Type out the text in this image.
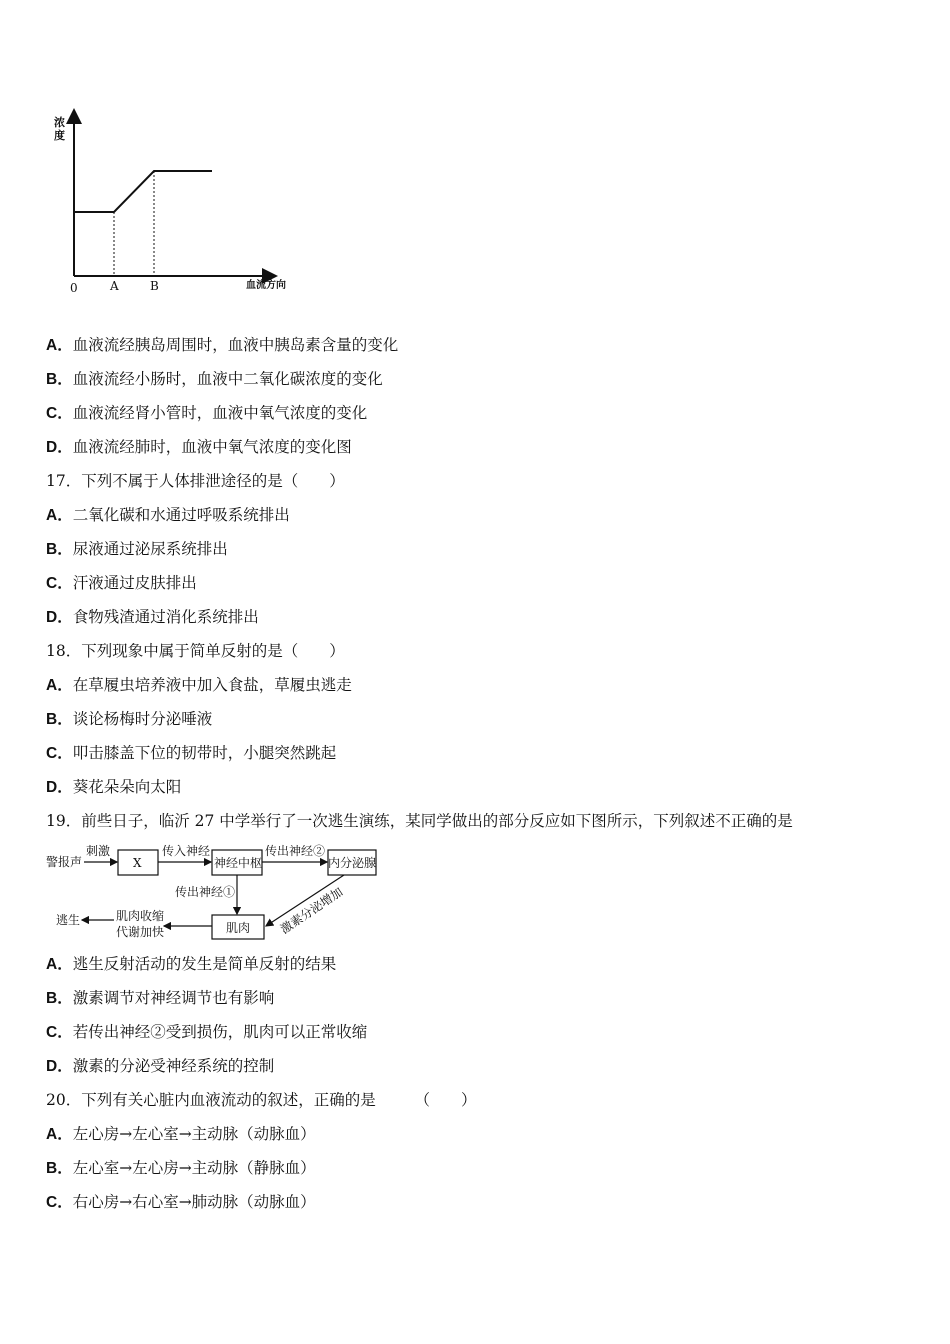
浓
度
0	A	B	血流方向
A．血液流经胰岛周围时，血液中胰岛素含量的变化
B．血液流经小肠时，血液中二氧化碳浓度的变化
C．血液流经肾小管时，血液中氧气浓度的变化
D．血液流经肺时，血液中氧气浓度的变化图
17．下列不属于人体排泄途径的是（　　）
A．二氧化碳和水通过呼吸系统排出
B．尿液通过泌尿系统排出
C．汗液通过皮肤排出
D．食物残渣通过消化系统排出
18．下列现象中属于简单反射的是（　　）
A．在草履虫培养液中加入食盐，草履虫逃走
B．谈论杨梅时分泌唾液
C．叩击膝盖下位的韧带时，小腿突然跳起
D．葵花朵朵向太阳
19．前些日子，临沂 27 中学举行了一次逃生演练，某同学做出的部分反应如下图所示，下列叙述不正确的是
警报声
刺激
X
传入神经
神经中枢
传出神经②
内分泌腺
传出神经①
肌肉 激素分泌增加
肌肉收缩
代谢加快
逃生
A．逃生反射活动的发生是简单反射的结果
B．激素调节对神经调节也有影响
C．若传出神经②受到损伤，肌肉可以正常收缩
D．激素的分泌受神经系统的控制
20．下列有关心脏内血液流动的叙述，正确的是　　　（　　）
A．左心房→左心室→主动脉（动脉血）
B．左心室→左心房→主动脉（静脉血）
C．右心房→右心室→肺动脉（动脉血）
